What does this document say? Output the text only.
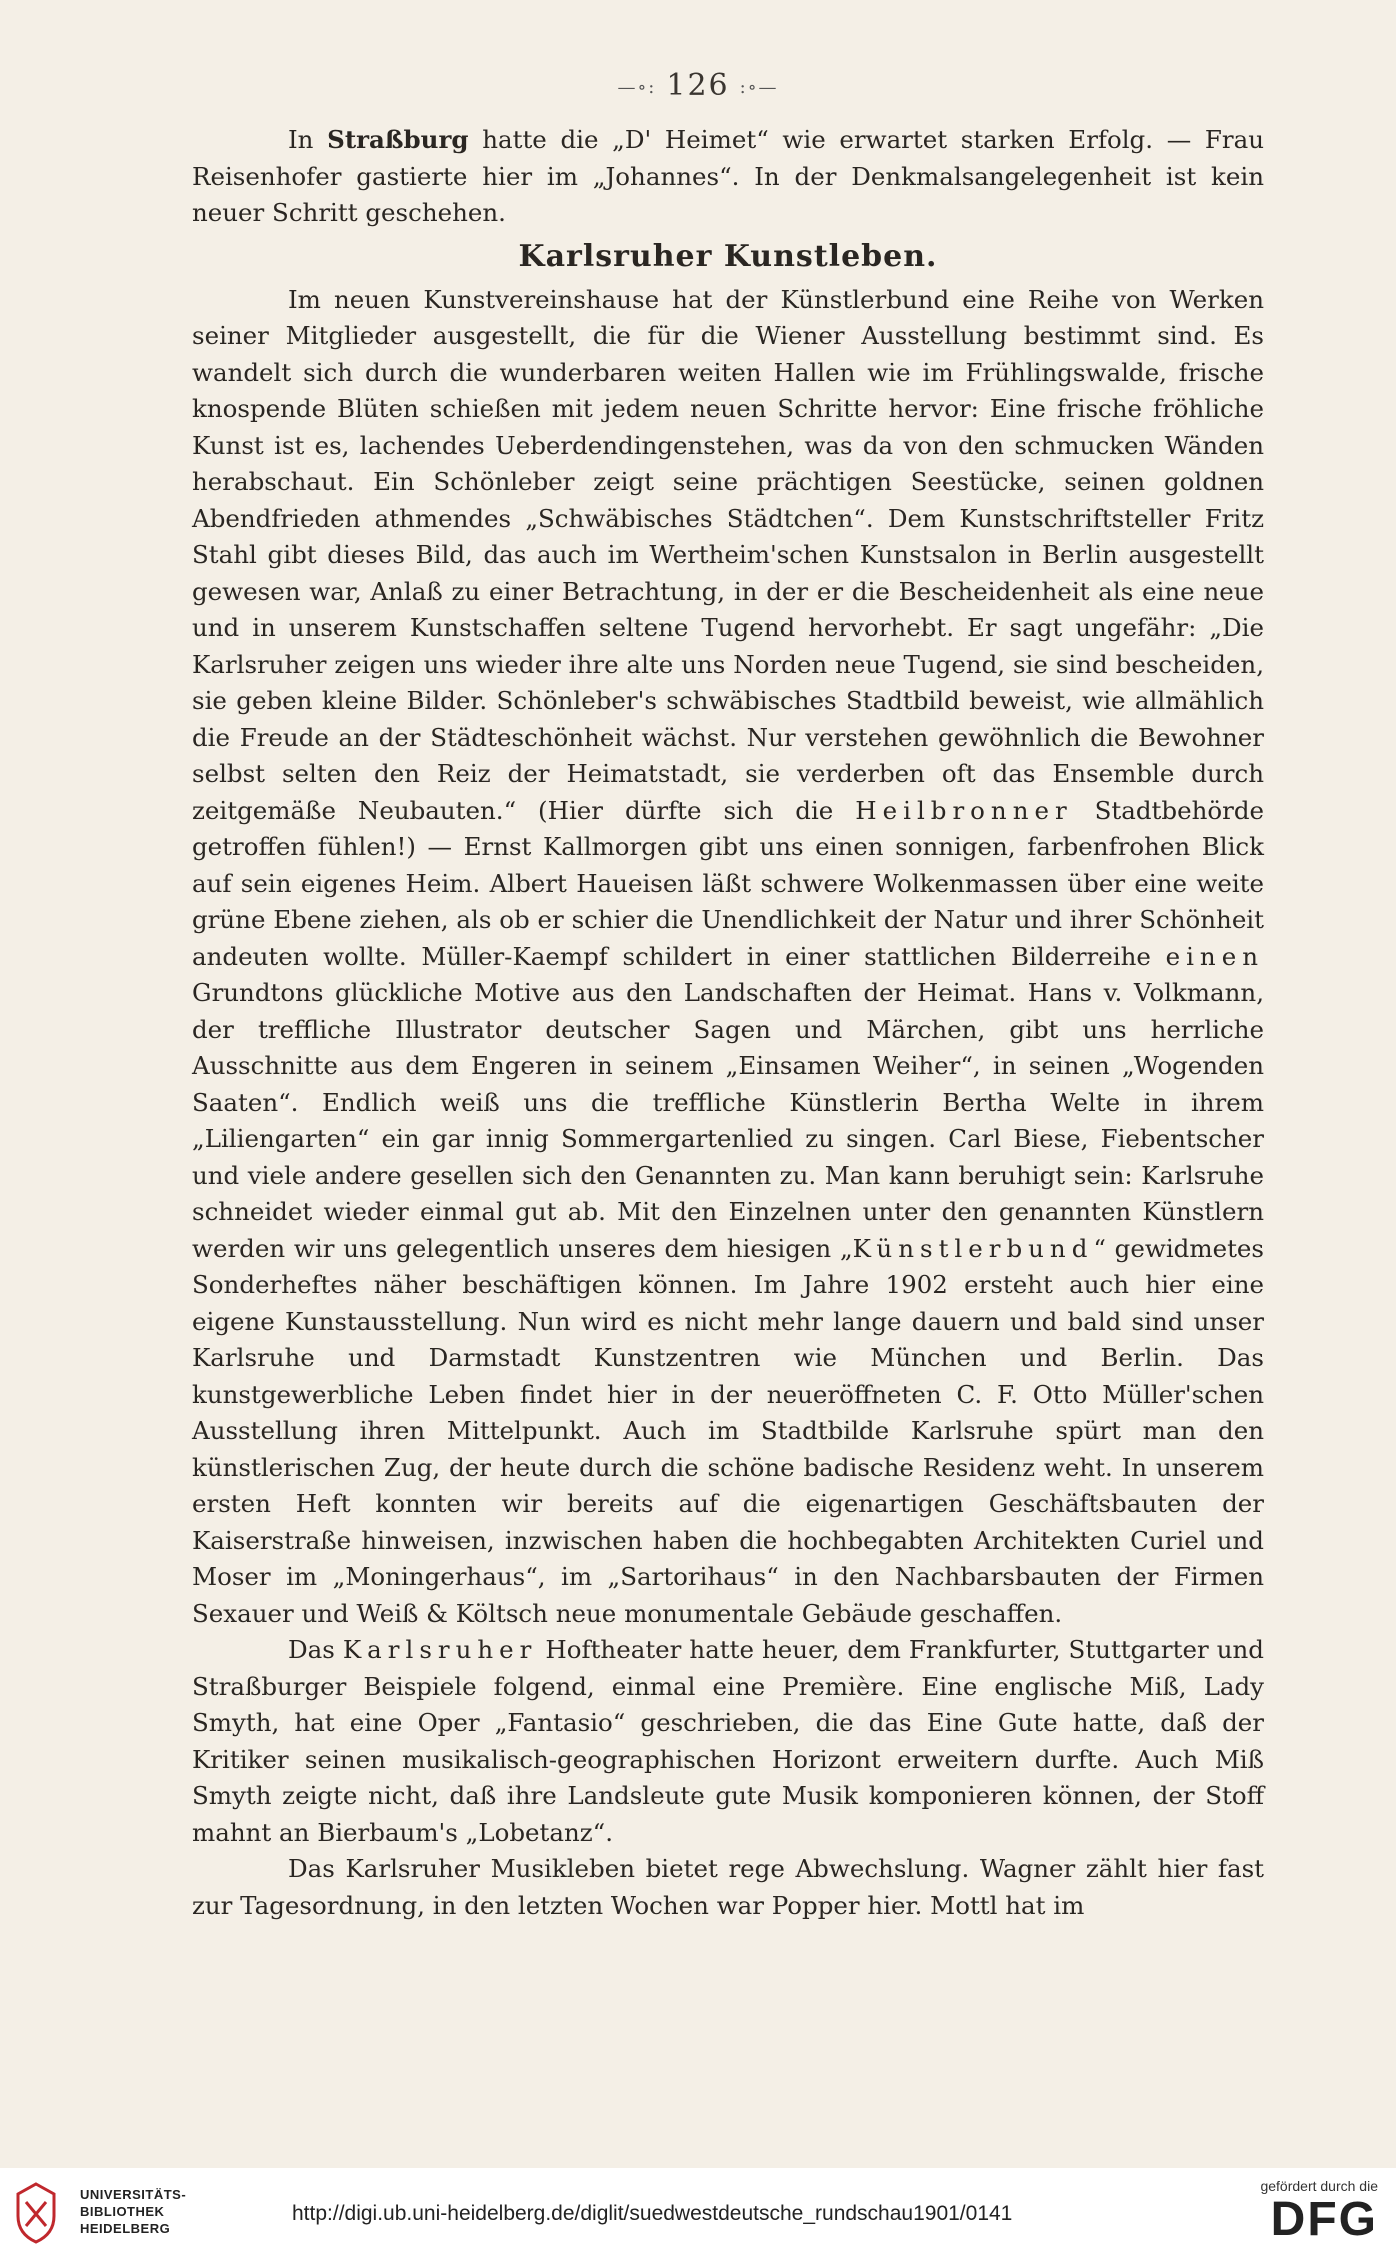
—∘: 126 :∘—

In Straßburg hatte die „D' Heimet“ wie erwartet starken Erfolg. — Frau Reisenhofer gastierte hier im „Johannes“. In der Denkmalsangelegenheit ist kein neuer Schritt geschehen.

Karlsruher Kunstleben.

Im neuen Kunstvereinshause hat der Künstlerbund eine Reihe von Werken seiner Mitglieder ausgestellt, die für die Wiener Ausstellung bestimmt sind. Es wandelt sich durch die wunderbaren weiten Hallen wie im Frühlingswalde, frische knospende Blüten schießen mit jedem neuen Schritte hervor: Eine frische fröhliche Kunst ist es, lachendes Ueberdendingenstehen, was da von den schmucken Wänden herabschaut. Ein Schönleber zeigt seine prächtigen Seestücke, seinen goldnen Abendfrieden athmendes „Schwäbisches Städtchen“. Dem Kunstschriftsteller Fritz Stahl gibt dieses Bild, das auch im Wertheim'schen Kunstsalon in Berlin ausgestellt gewesen war, Anlaß zu einer Betrachtung, in der er die Bescheidenheit als eine neue und in unserem Kunstschaffen seltene Tugend hervorhebt. Er sagt ungefähr: „Die Karlsruher zeigen uns wieder ihre alte uns Norden neue Tugend, sie sind bescheiden, sie geben kleine Bilder. Schönleber's schwäbisches Stadtbild beweist, wie allmählich die Freude an der Städteschönheit wächst. Nur verstehen gewöhnlich die Bewohner selbst selten den Reiz der Heimatstadt, sie verderben oft das Ensemble durch zeitgemäße Neubauten.“ (Hier dürfte sich die Heilbronner Stadtbehörde getroffen fühlen!) — Ernst Kallmorgen gibt uns einen sonnigen, farbenfrohen Blick auf sein eigenes Heim. Albert Haueisen läßt schwere Wolkenmassen über eine weite grüne Ebene ziehen, als ob er schier die Unendlichkeit der Natur und ihrer Schönheit andeuten wollte. Müller-Kaempf schildert in einer stattlichen Bilderreihe einen Grundtons glückliche Motive aus den Landschaften der Heimat. Hans v. Volkmann, der treffliche Illustrator deutscher Sagen und Märchen, gibt uns herrliche Ausschnitte aus dem Engeren in seinem „Einsamen Weiher“, in seinen „Wogenden Saaten“. Endlich weiß uns die treffliche Künstlerin Bertha Welte in ihrem „Liliengarten“ ein gar innig Sommergartenlied zu singen. Carl Biese, Fiebentscher und viele andere gesellen sich den Genannten zu. Man kann beruhigt sein: Karlsruhe schneidet wieder einmal gut ab. Mit den Einzelnen unter den genannten Künstlern werden wir uns gelegentlich unseres dem hiesigen „Künstlerbund“ gewidmetes Sonderheftes näher beschäftigen können. Im Jahre 1902 ersteht auch hier eine eigene Kunstausstellung. Nun wird es nicht mehr lange dauern und bald sind unser Karlsruhe und Darmstadt Kunstzentren wie München und Berlin. Das kunstgewerbliche Leben findet hier in der neueröffneten C. F. Otto Müller'schen Ausstellung ihren Mittelpunkt. Auch im Stadtbilde Karlsruhe spürt man den künstlerischen Zug, der heute durch die schöne badische Residenz weht. In unserem ersten Heft konnten wir bereits auf die eigenartigen Geschäftsbauten der Kaiserstraße hinweisen, inzwischen haben die hochbegabten Architekten Curiel und Moser im „Moningerhaus“, im „Sartorihaus“ in den Nachbarsbauten der Firmen Sexauer und Weiß & Költsch neue monumentale Gebäude geschaffen.

Das Karlsruher Hoftheater hatte heuer, dem Frankfurter, Stuttgarter und Straßburger Beispiele folgend, einmal eine Première. Eine englische Miß, Lady Smyth, hat eine Oper „Fantasio“ geschrieben, die das Eine Gute hatte, daß der Kritiker seinen musikalisch-geographischen Horizont erweitern durfte. Auch Miß Smyth zeigte nicht, daß ihre Landsleute gute Musik komponieren können, der Stoff mahnt an Bierbaum's „Lobetanz“.

Das Karlsruher Musikleben bietet rege Abwechslung. Wagner zählt hier fast zur Tagesordnung, in den letzten Wochen war Popper hier. Mottl hat im

UNIVERSITÄTS-
BIBLIOTHEK
HEIDELBERG
http://digi.ub.uni-heidelberg.de/diglit/suedwestdeutsche_rundschau1901/0141
gefördert durch die
DFG
